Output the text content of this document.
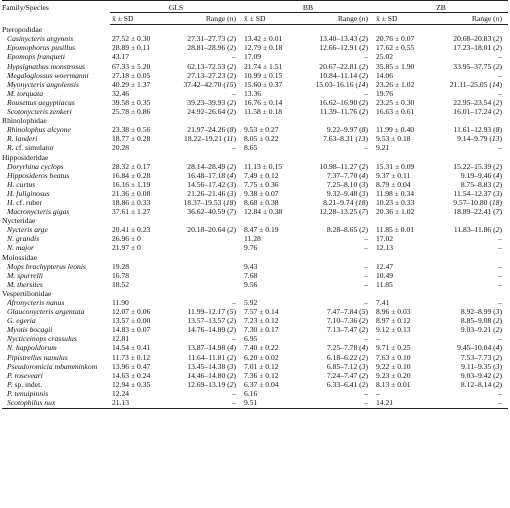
Family/Species	GLS		BB		ZB	
	x̄ ± SD	Range (n)	x̄ ± SD	Range (n)	x̄ ± SD	Range (n)
Pteropodidae						
Casinycteris argynnis	27.52 ± 0.30	27.31–27.73 (2)	13.42 ± 0.01	13.40–13.43 (2)	20.76 ± 0.07	20.68–20.83 (2)
Epomophorus pusillus	28.89 ± 0.11	28.81–28.96 (2)	12.79 ± 0.18	12.66–12.91 (2)	17.62 ± 0.55	17.23–18.01 (2)
Epomops franqueti	43.17	–	17.09	–	25.02	–
Hypsignathus monstrosus	67.33 ± 5.20	62.13–72.53 (2)	21.74 ± 1.51	20.67–22.81 (2)	35.85 ± 1.90	33.95–37.75 (2)
Megaloglossus woermanni	27.18 ± 0.05	27.13–27.23 (2)	10.99 ± 0.15	10.84–11.14 (2)	14.06	–
Myonycteris angolensis	40.29 ± 1.37	37.42–42.70 (15)	15.60 ± 0.37	15.03–16.16 (14)	23.26 ± 1.02	21.11–25.05 (14)
M. torquata	32.46	–	13.36	–	19.76	–
Rousettus aegyptiacus	39.58 ± 0.35	39.23–39.93 (2)	16.76 ± 0.14	16.62–16.90 (2)	23.25 ± 0.30	22.95–23.54 (2)
Scotonycteris zenkeri	25.78 ± 0.86	24.92–26.64 (2)	11.58 ± 0.18	11.39–11.76 (2)	16.63 ± 0.61	16.01–17.24 (2)
Rhinolophidae						
Rhinolophus alcyone	23.38 ± 0.56	21.97–24.26 (8)	9.53 ± 0.27	9.22–9.97 (8)	11.99 ± 0.40	11.61–12.93 (8)
R. landeri	18.77 ± 0.28	18.22–19.21 (11)	8.05 ± 0.22	7.63–8.31 (13)	9.53 ± 0.18	9.14–9.79 (13)
R. cf. simulator	20.28	–	8.65	–	9.21	–
Hipposideridae						
Doryrhina cyclops	28.32 ± 0.17	28.14–28.49 (2)	11.13 ± 0.15	10.98–11.27 (2)	15.31 ± 0.09	15.22–15.39 (2)
Hipposideros beatus	16.84 ± 0.28	16.48–17.18 (4)	7.49 ± 0.12	7.37–7.70 (4)	9.37 ± 0.11	9.19–9.46 (4)
H. curtus	16.16 ± 1.19	14.56–17.42 (3)	7.75 ± 0.36	7.25–8.10 (3)	8.79 ± 0.04	8.75–8.83 (2)
H. fuliginosus	21.36 ± 0.08	21.26–21.46 (3)	9.38 ± 0.07	9.32–9.48 (3)	11.98 ± 0.34	11.54–12.37 (3)
H. cf. ruber	18.86 ± 0.33	18.37–19.53 (18)	8.68 ± 0.38	8.21–9.74 (18)	10.23 ± 0.33	9.57–10.80 (18)
Macronycteris gigas	37.61 ± 1.27	36.62–40.59 (7)	12.84 ± 0.38	12.28–13.25 (7)	20.36 ± 1.02	18.89–22.41 (7)
Nycteridae						
Nycteris arge	20.41 ± 0.23	20.18–20.64 (2)	8.47 ± 0.19	8.28–8.65 (2)	11.85 ± 0.01	11.83–11.86 (2)
N. grandis	26.96 ± 0		11.28	–	17.02	–
N. major	21.97 ± 0		9.76	–	12.13	–
Molossidae						
Mops brachypterus leonis	19.28		9.43	–	12.47	–
M. spurrelli	16.78		7.68	–	10.49	–
M. thersites	18.52		9.56	–	11.85	–
Vespertilionidae						
Afronycteris nanus	11.90	–	5.92	–	7.41	–
Glauconycteris argentata	12.07 ± 0.06	11.99–12.17 (5)	7.57 ± 0.14	7.47–7.84 (5)	8.96 ± 0.03	8.92–8.99 (3)
G. egeria	13.57 ± 0.00	13.57–13.57 (2)	7.23 ± 0.12	7.10–7.36 (2)	8.97 ± 0.12	8.85–9.08 (2)
Myotis bocagii	14.83 ± 0.07	14.76–14.89 (2)	7.30 ± 0.17	7.13–7.47 (2)	9.12 ± 0.13	9.03–9.21 (2)
Nycticeinops crassulus	12.81	–	6.95	–	–	–
N. happoldorum	14.54 ± 0.41	13.87–14.98 (4)	7.40 ± 0.22	7.25–7.78 (4)	9.71 ± 0.25	9.45–10.04 (4)
Pipistrellus nanulus	11.73 ± 0.12	11.64–11.81 (2)	6.20 ± 0.02	6.18–6.22 (2)	7.63 ± 0.10	7.53–7.73 (2)
Pseudoromicia mbamminkom	13.96 ± 0.47	13.45–14.38 (3)	7.01 ± 0.12	6.85–7.12 (3)	9.22 ± 0.10	9.11–9.35 (3)
P. roseveari	14.63 ± 0.24	14.46–14.80 (2)	7.36 ± 0.12	7.24–7.47 (2)	9.23 ± 0.20	9.03–9.42 (2)
P. sp. indet.	12.94 ± 0.35	12.69–13.19 (2)	6.37 ± 0.04	6.33–6.41 (2)	8.13 ± 0.01	8.12–8.14 (2)
P. tenuipinnis	12.24	–	6.16	–	–	–
Scotophilus nux	21.13	–	9.51	–	14.21	–
